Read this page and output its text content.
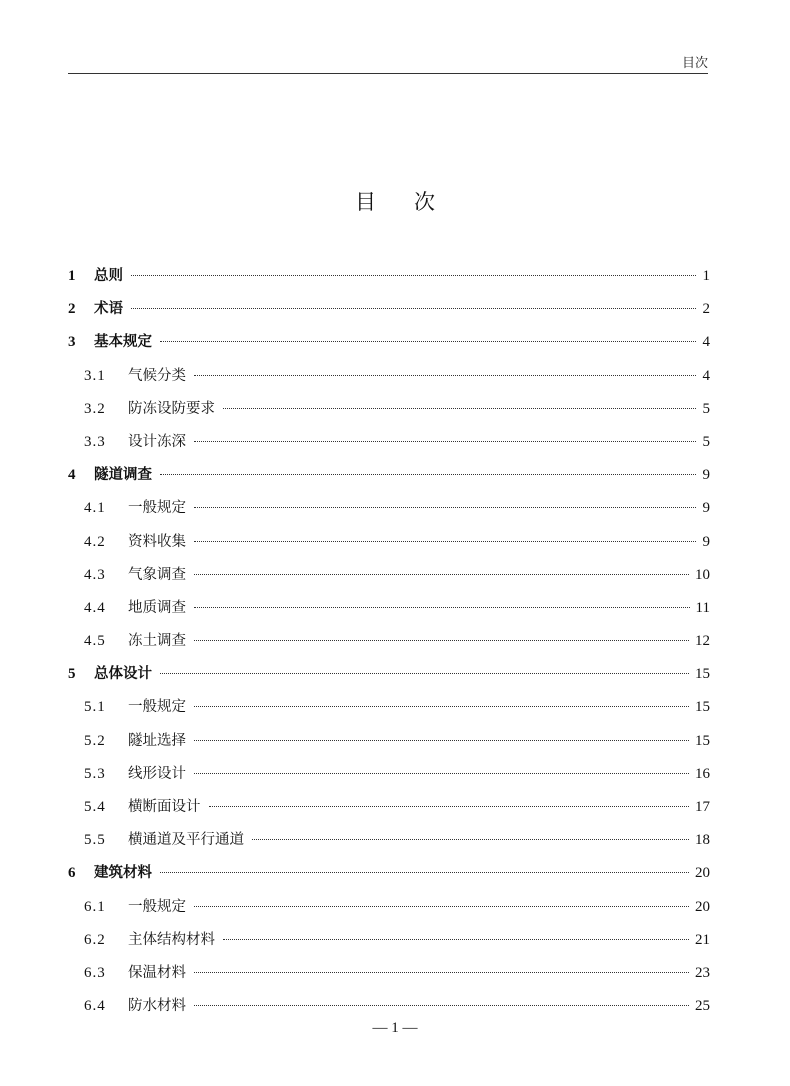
目次
目次
1	总则	1
2	术语	2
3	基本规定	4
3.1	气候分类	4
3.2	防冻设防要求	5
3.3	设计冻深	5
4	隧道调查	9
4.1	一般规定	9
4.2	资料收集	9
4.3	气象调查	10
4.4	地质调查	11
4.5	冻土调查	12
5	总体设计	15
5.1	一般规定	15
5.2	隧址选择	15
5.3	线形设计	16
5.4	横断面设计	17
5.5	横通道及平行通道	18
6	建筑材料	20
6.1	一般规定	20
6.2	主体结构材料	21
6.3	保温材料	23
6.4	防水材料	25
— 1 —
